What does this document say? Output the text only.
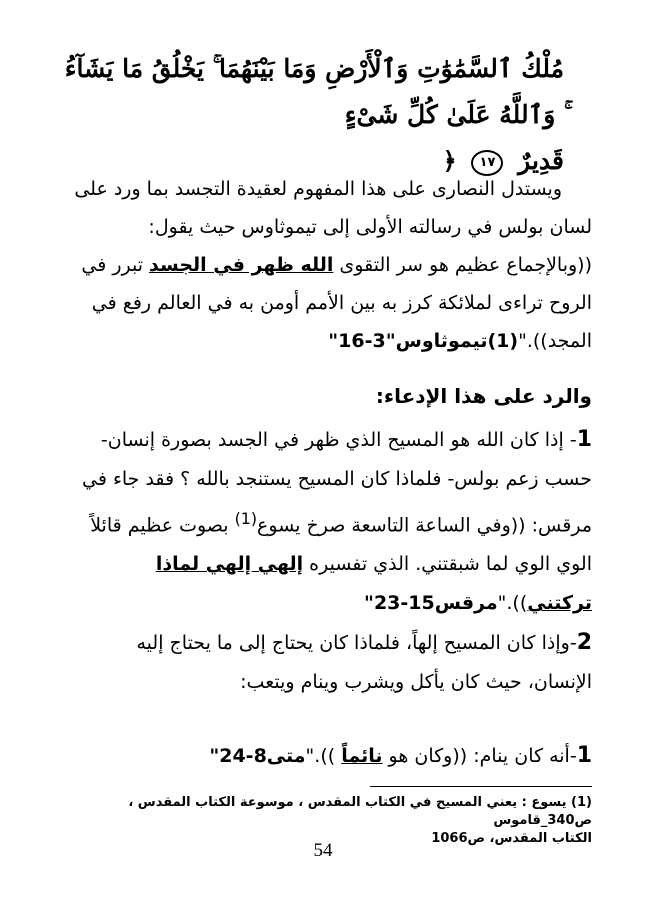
مُلْكُ ٱلسَّمَٰوَٰتِ وَٱلْأَرْضِ وَمَا بَيْنَهُمَا ۚ يَخْلُقُ مَا يَشَآءُ ۚ وَٱللَّهُ عَلَىٰ كُلِّ شَىْءٍ
قَدِيرٌ ١٧ ﴿
ويستدل النصارى على هذا المفهوم لعقيدة التجسد بما ورد على
لسان بولس في رسالته الأولى إلى تيموثاوس حيث يقول:
((وبالإجماع عظيم هو سر التقوى الله ظهر في الجسد تبرر في
الروح تراءى لملائكة كرز به بين الأمم أومن به في العالم رفع في
المجد))."(1)تيموثاوس"3-16"
والرد على هذا الإدعاء:
1- إذا كان الله هو المسيح الذي ظهر في الجسد بصورة إنسان-
حسب زعم بولس- فلماذا كان المسيح يستنجد بالله ؟ فقد جاء في
مرقس: ((وفي الساعة التاسعة صرخ يسوع$^{(1)}$ بصوت عظيم قائلاً
الوي الوي لما شبقتني. الذي تفسيره إلهي إلهي لماذا
تركتني))."مرقس15-23"
2-وإذا كان المسيح إلهاً، فلماذا كان يحتاج إلى ما يحتاج إليه
الإنسان، حيث كان يأكل ويشرب وينام ويتعب:
1-أنه كان ينام: ((وكان هو نائماً ))."متى8-24"
(1) يسوع : يعني المسيح في الكتاب المقدس ، موسوعة الكتاب المقدس ، ص340_قاموس
الكتاب المقدس، ص1066
54
